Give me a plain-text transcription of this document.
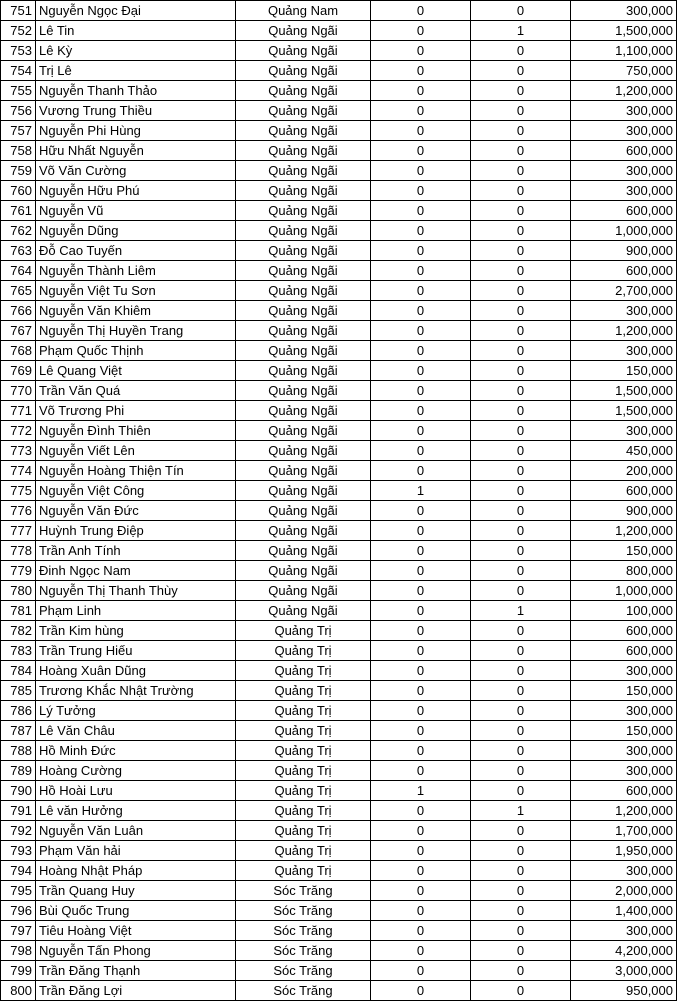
751	Nguyễn Ngọc Đại	Quảng Nam	0	0	300,000
752	Lê Tin	Quảng Ngãi	0	1	1,500,000
753	Lê Kỳ	Quảng Ngãi	0	0	1,100,000
754	Trị Lê	Quảng Ngãi	0	0	750,000
755	Nguyễn Thanh Thảo	Quảng Ngãi	0	0	1,200,000
756	Vương Trung Thiều	Quảng Ngãi	0	0	300,000
757	Nguyễn Phi Hùng	Quảng Ngãi	0	0	300,000
758	Hữu Nhất Nguyễn	Quảng Ngãi	0	0	600,000
759	Võ Văn Cường	Quảng Ngãi	0	0	300,000
760	Nguyễn Hữu Phú	Quảng Ngãi	0	0	300,000
761	Nguyễn Vũ	Quảng Ngãi	0	0	600,000
762	Nguyễn Dũng	Quảng Ngãi	0	0	1,000,000
763	Đỗ Cao Tuyến	Quảng Ngãi	0	0	900,000
764	Nguyễn Thành Liêm	Quảng Ngãi	0	0	600,000
765	Nguyễn Việt Tu Sơn	Quảng Ngãi	0	0	2,700,000
766	Nguyễn Văn Khiêm	Quảng Ngãi	0	0	300,000
767	Nguyễn Thị Huyền Trang	Quảng Ngãi	0	0	1,200,000
768	Phạm Quốc Thịnh	Quảng Ngãi	0	0	300,000
769	Lê Quang Việt	Quảng Ngãi	0	0	150,000
770	Trần Văn Quá	Quảng Ngãi	0	0	1,500,000
771	Võ Trương Phi	Quảng Ngãi	0	0	1,500,000
772	Nguyễn Đình Thiên	Quảng Ngãi	0	0	300,000
773	Nguyễn Viết Lên	Quảng Ngãi	0	0	450,000
774	Nguyễn Hoàng Thiện Tín	Quảng Ngãi	0	0	200,000
775	Nguyễn Việt Công	Quảng Ngãi	1	0	600,000
776	Nguyễn Văn Đức	Quảng Ngãi	0	0	900,000
777	Huỳnh Trung Điệp	Quảng Ngãi	0	0	1,200,000
778	Trần Anh Tính	Quảng Ngãi	0	0	150,000
779	Đinh Ngọc Nam	Quảng Ngãi	0	0	800,000
780	Nguyễn Thị Thanh Thùy	Quảng Ngãi	0	0	1,000,000
781	Phạm Linh	Quảng Ngãi	0	1	100,000
782	Trần Kim hùng	Quảng Trị	0	0	600,000
783	Trần Trung Hiếu	Quảng Trị	0	0	600,000
784	Hoàng Xuân Dũng	Quảng Trị	0	0	300,000
785	Trương Khắc Nhật Trường	Quảng Trị	0	0	150,000
786	Lý Tưởng	Quảng Trị	0	0	300,000
787	Lê Văn Châu	Quảng Trị	0	0	150,000
788	Hồ Minh Đức	Quảng Trị	0	0	300,000
789	Hoàng Cường	Quảng Trị	0	0	300,000
790	Hồ Hoài Lưu	Quảng Trị	1	0	600,000
791	Lê văn Hưởng	Quảng Trị	0	1	1,200,000
792	Nguyễn Văn Luân	Quảng Trị	0	0	1,700,000
793	Phạm Văn hải	Quảng Trị	0	0	1,950,000
794	Hoàng Nhật Pháp	Quảng Trị	0	0	300,000
795	Trần Quang Huy	Sóc Trăng	0	0	2,000,000
796	Bùi Quốc Trung	Sóc Trăng	0	0	1,400,000
797	Tiêu Hoàng Việt	Sóc Trăng	0	0	300,000
798	Nguyễn Tấn Phong	Sóc Trăng	0	0	4,200,000
799	Trần Đăng Thạnh	Sóc Trăng	0	0	3,000,000
800	Trần Đăng Lợi	Sóc Trăng	0	0	950,000
